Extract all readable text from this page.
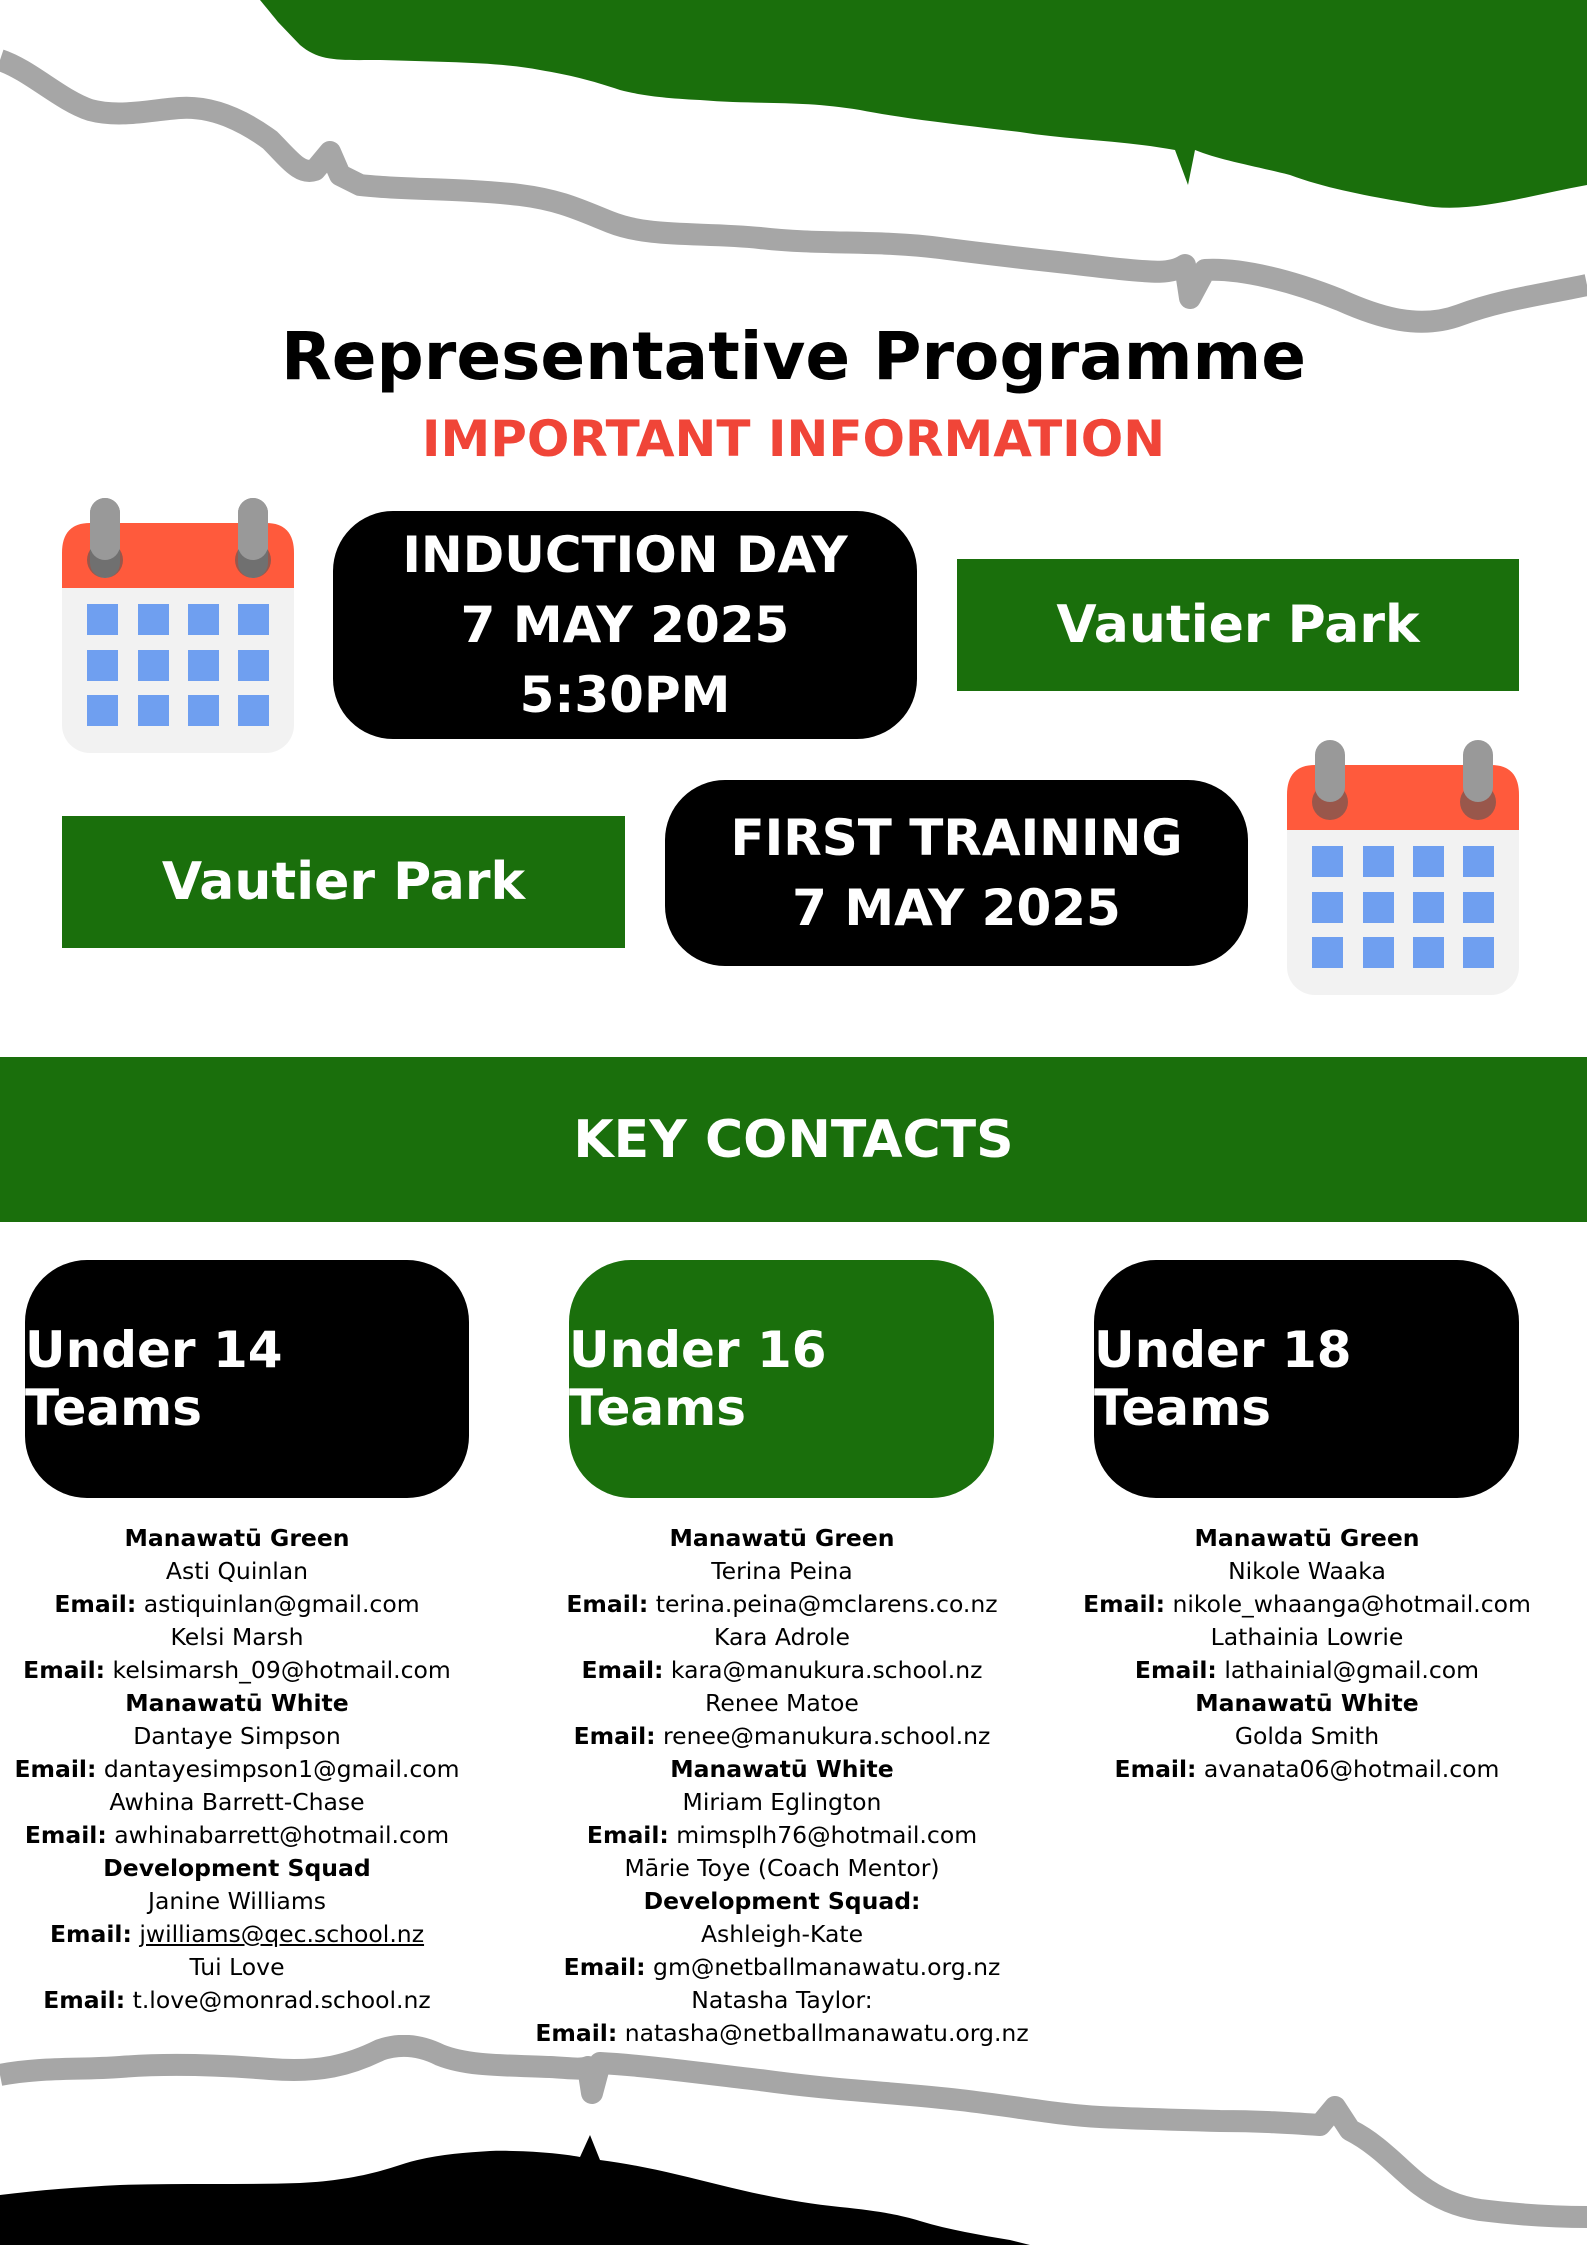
Representative Programme
IMPORTANT INFORMATION
INDUCTION DAY
7 MAY 2025
5:30PM
Vautier Park
Vautier Park
FIRST TRAINING
7 MAY 2025
KEY CONTACTS
Under 14 Teams
Under 16 Teams
Under 18 Teams
Manawatū Green
Asti Quinlan
Email: astiquinlan@gmail.com
Kelsi Marsh
Email: kelsimarsh_09@hotmail.com
Manawatū White
Dantaye Simpson
Email: dantayesimpson1@gmail.com
Awhina Barrett-Chase
Email: awhinabarrett@hotmail.com
Development Squad
Janine Williams
Email: jwilliams@qec.school.nz
Tui Love
Email: t.love@monrad.school.nz
Manawatū Green
Terina Peina
Email: terina.peina@mclarens.co.nz
Kara Adrole
Email: kara@manukura.school.nz
Renee Matoe
Email: renee@manukura.school.nz
Manawatū White
Miriam Eglington
Email: mimsplh76@hotmail.com
Mārie Toye (Coach Mentor)
Development Squad:
Ashleigh-Kate
Email: gm@netballmanawatu.org.nz
Natasha Taylor:
Email: natasha@netballmanawatu.org.nz
Manawatū Green
Nikole Waaka
Email: nikole_whaanga@hotmail.com
Lathainia Lowrie
Email: lathainial@gmail.com
Manawatū White
Golda Smith
Email: avanata06@hotmail.com
